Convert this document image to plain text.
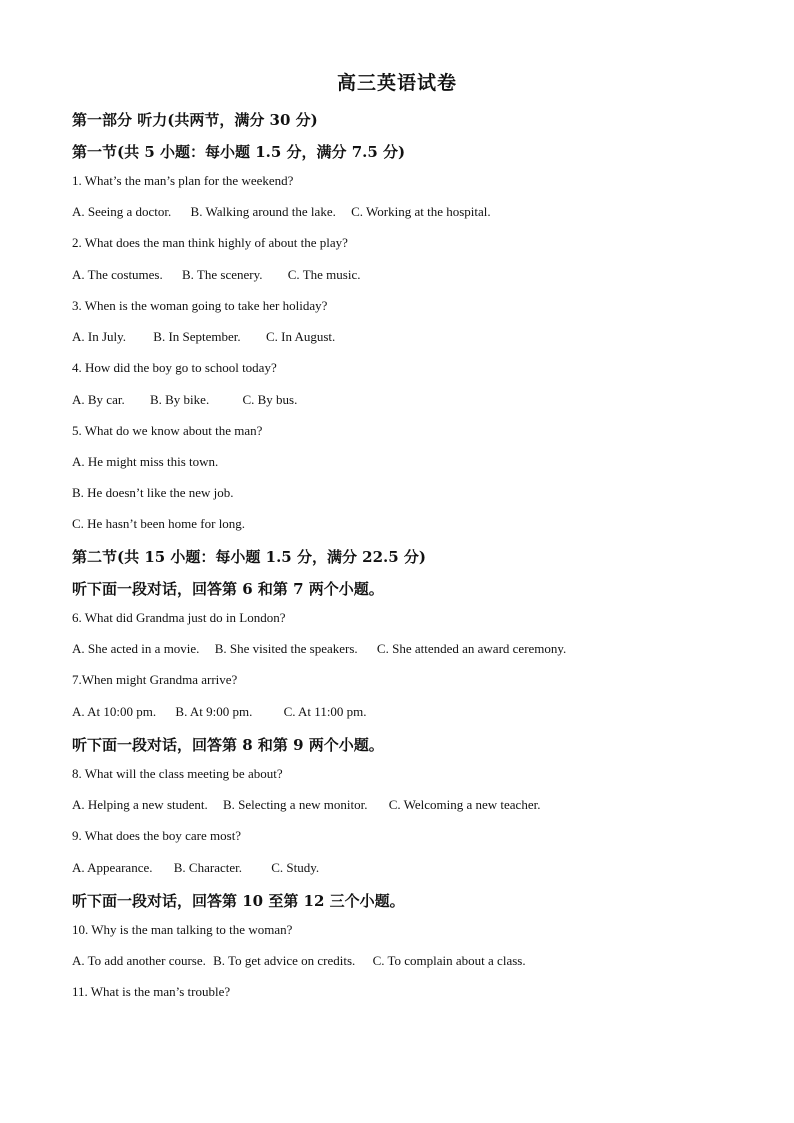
高三英语试卷
第一部分 听力(共两节，满分 30 分)
第一节(共 5 小题：每小题 1.5 分，满分 7.5 分)
1. What’s the man’s plan for the weekend?
A. Seeing a doctor. B. Walking around the lake. C. Working at the hospital.
2. What does the man think highly of about the play?
A. The costumes. B. The scenery. C. The music.
3. When is the woman going to take her holiday?
A. In July. B. In September. C. In August.
4. How did the boy go to school today?
A. By car. B. By bike.	C. By bus.
5. What do we know about the man?
A. He might miss this town.
B. He doesn’t like the new job.
C. He hasn’t been home for long.
第二节(共 15 小题：每小题 1.5 分，满分 22.5 分)
听下面一段对话，回答第 6 和第 7 两个小题。
6. What did Grandma just do in London?
A. She acted in a movie. B. She visited the speakers. C. She attended an award ceremony.
7.When might Grandma arrive?
A. At 10:00 pm. B. At 9:00 pm. C. At 11:00 pm.
听下面一段对话，回答第 8 和第 9 两个小题。
8. What will the class meeting be about?
A. Helping a new student. B. Selecting a new monitor. C. Welcoming a new teacher.
9. What does the boy care most?
A. Appearance. B. Character. C. Study.
听下面一段对话，回答第 10 至第 12 三个小题。
10. Why is the man talking to the woman?
A. To add another course. B. To get advice on credits. C. To complain about a class.
11. What is the man’s trouble?
